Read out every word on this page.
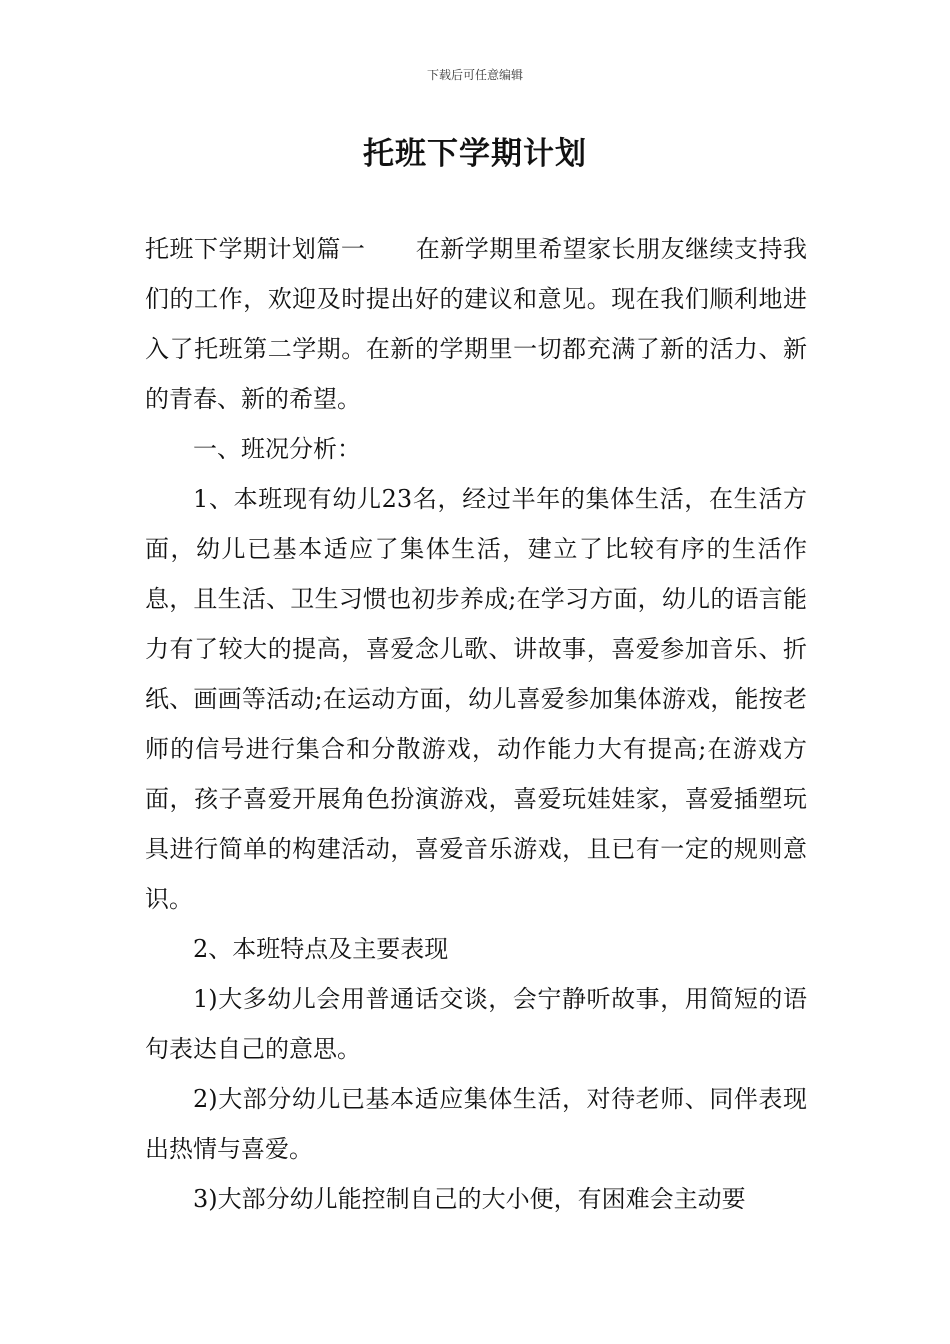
下载后可任意编辑
托班下学期计划

托班下学期计划篇一 在新学期里希望家长朋友继续支持我们的工作，欢迎及时提出好的建议和意见。现在我们顺利地进入了托班第二学期。在新的学期里一切都充满了新的活力、新的青春、新的希望。

一、班况分析：

1、本班现有幼儿23名，经过半年的集体生活，在生活方面，幼儿已基本适应了集体生活，建立了比较有序的生活作息，且生活、卫生习惯也初步养成;在学习方面，幼儿的语言能力有了较大的提高，喜爱念儿歌、讲故事，喜爱参加音乐、折纸、画画等活动;在运动方面，幼儿喜爱参加集体游戏，能按老师的信号进行集合和分散游戏，动作能力大有提高;在游戏方面，孩子喜爱开展角色扮演游戏，喜爱玩娃娃家，喜爱插塑玩具进行简单的构建活动，喜爱音乐游戏，且已有一定的规则意识。

2、本班特点及主要表现

1)大多幼儿会用普通话交谈，会宁静听故事，用简短的语句表达自己的意思。

2)大部分幼儿已基本适应集体生活，对待老师、同伴表现出热情与喜爱。

3)大部分幼儿能控制自己的大小便，有困难会主动要
